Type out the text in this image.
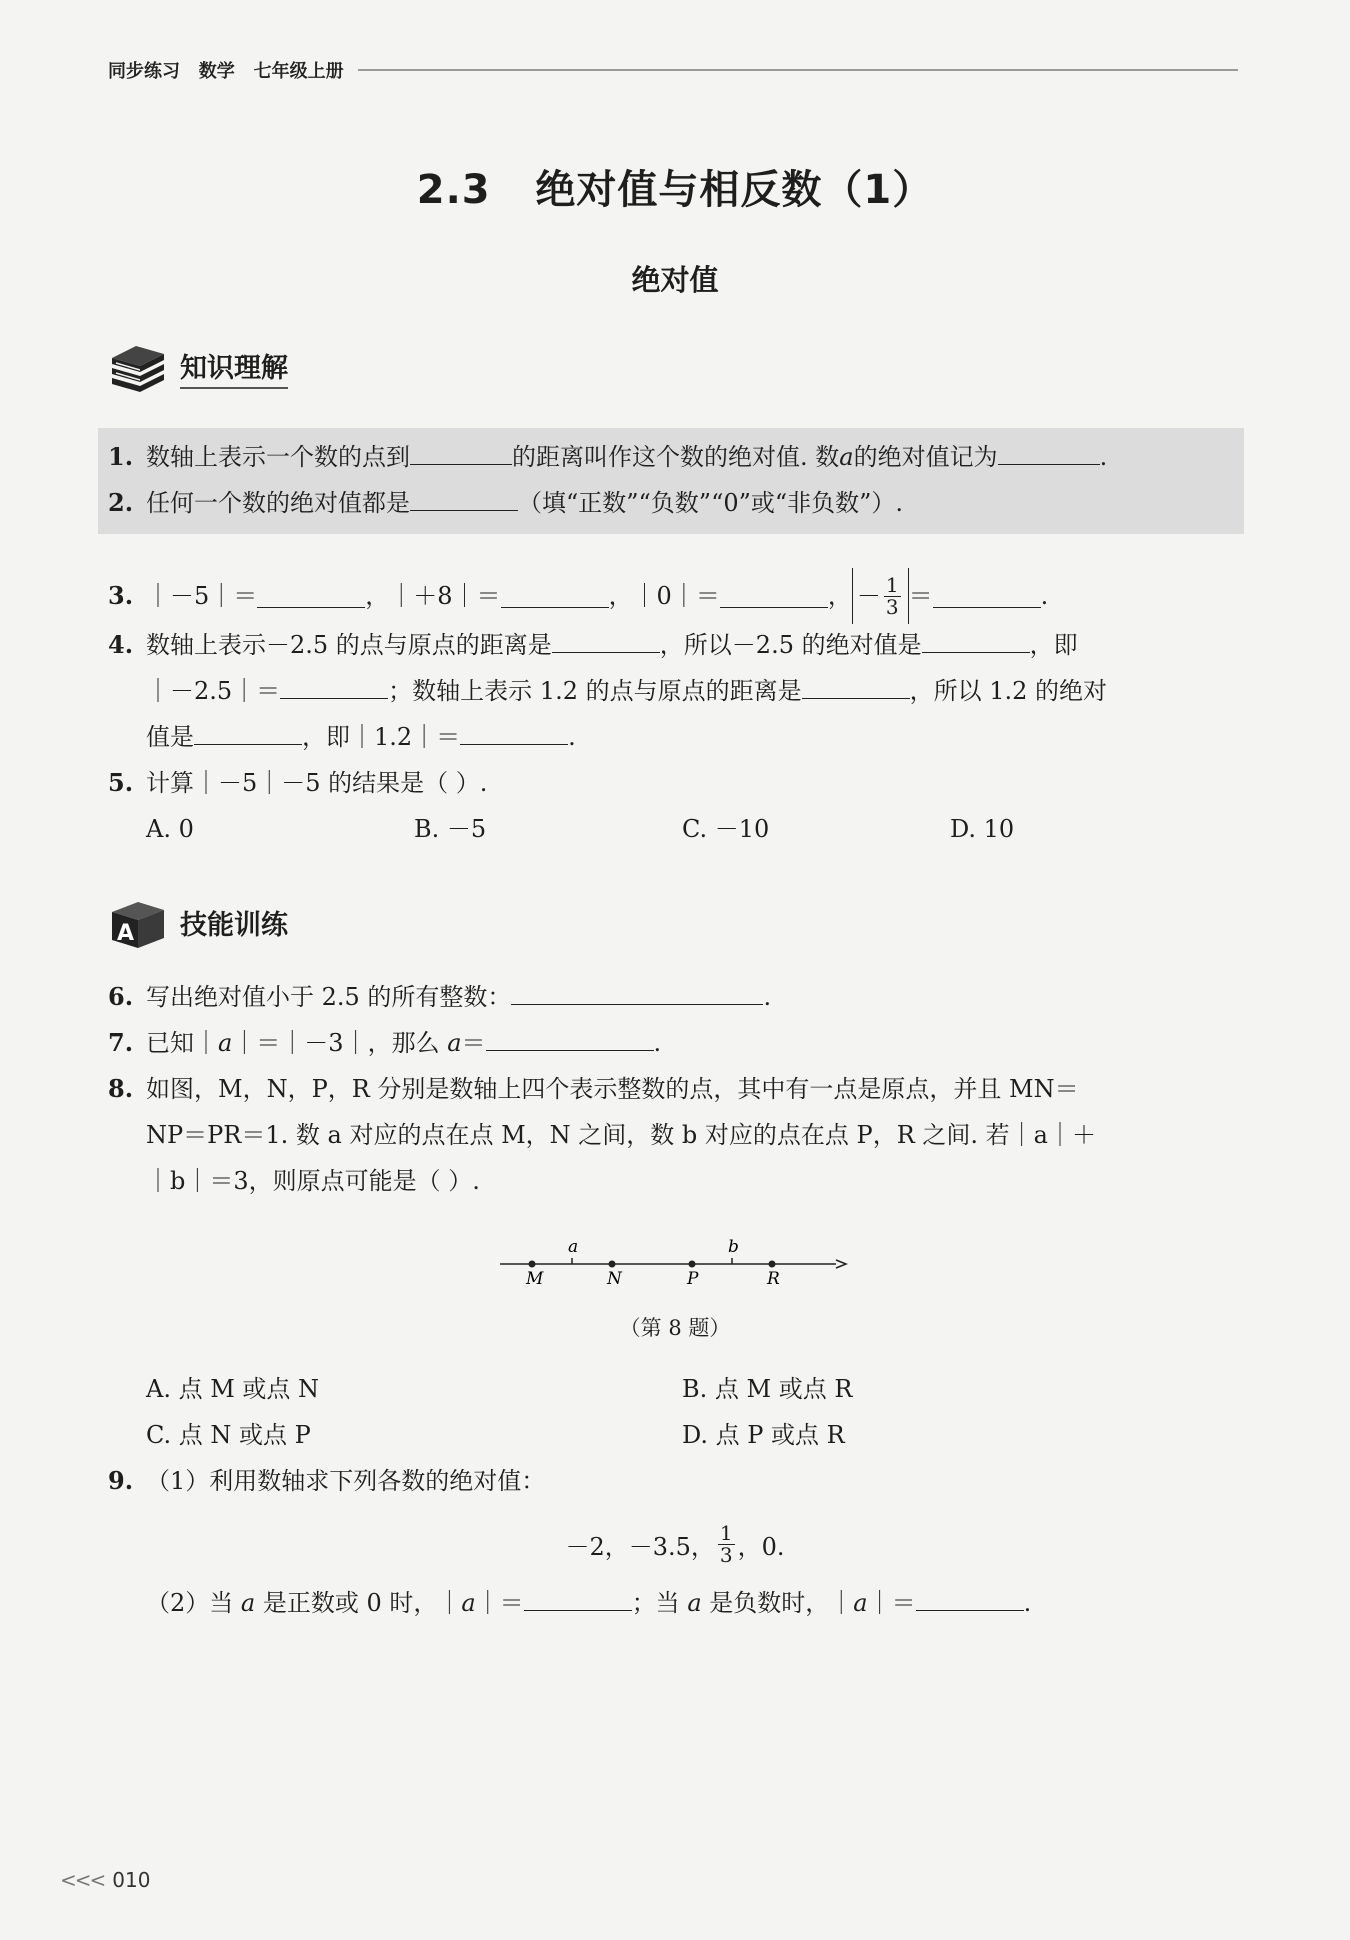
同步练习   数学   七年级上册
2.3   绝对值与相反数（1）
绝对值
知识理解
1. 数轴上表示一个数的点到	的距离叫作这个数的绝对值. 数a的绝对值记为	.
2. 任何一个数的绝对值都是	（填“正数”“负数”“0”或“非负数”）.
3. ｜－5｜＝	，｜＋8｜＝	，｜0｜＝	， － $\frac{1}{3}$ ＝	.
4. 数轴上表示－2.5 的点与原点的距离是	，所以－2.5 的绝对值是	，即
｜－2.5｜＝	；数轴上表示 1.2 的点与原点的距离是	，所以 1.2 的绝对
值是	，即｜1.2｜＝	.
5. 计算｜－5｜－5 的结果是（ ）.
A. 0	B. －5	C. －10	D. 10
A 技能训练
6. 写出绝对值小于 2.5 的所有整数：	.
7. 已知｜a｜＝｜－3｜，那么 a＝	.
8. 如图，M，N，P，R 分别是数轴上四个表示整数的点，其中有一点是原点，并且 MN＝
NP＝PR＝1. 数 a 对应的点在点 M，N 之间，数 b 对应的点在点 P，R 之间. 若｜a｜＋
｜b｜＝3，则原点可能是（ ）.
M	N	P	R
a	b
（第 8 题）
A. 点 M 或点 N	B. 点 M 或点 R
C. 点 N 或点 P	D. 点 P 或点 R
9. （1）利用数轴求下列各数的绝对值：
－2，－3.5， $\frac{1}{3}$ ，0.
（2）当 a 是正数或 0 时，｜a｜＝	；当 a 是负数时，｜a｜＝	.
<<< 010
